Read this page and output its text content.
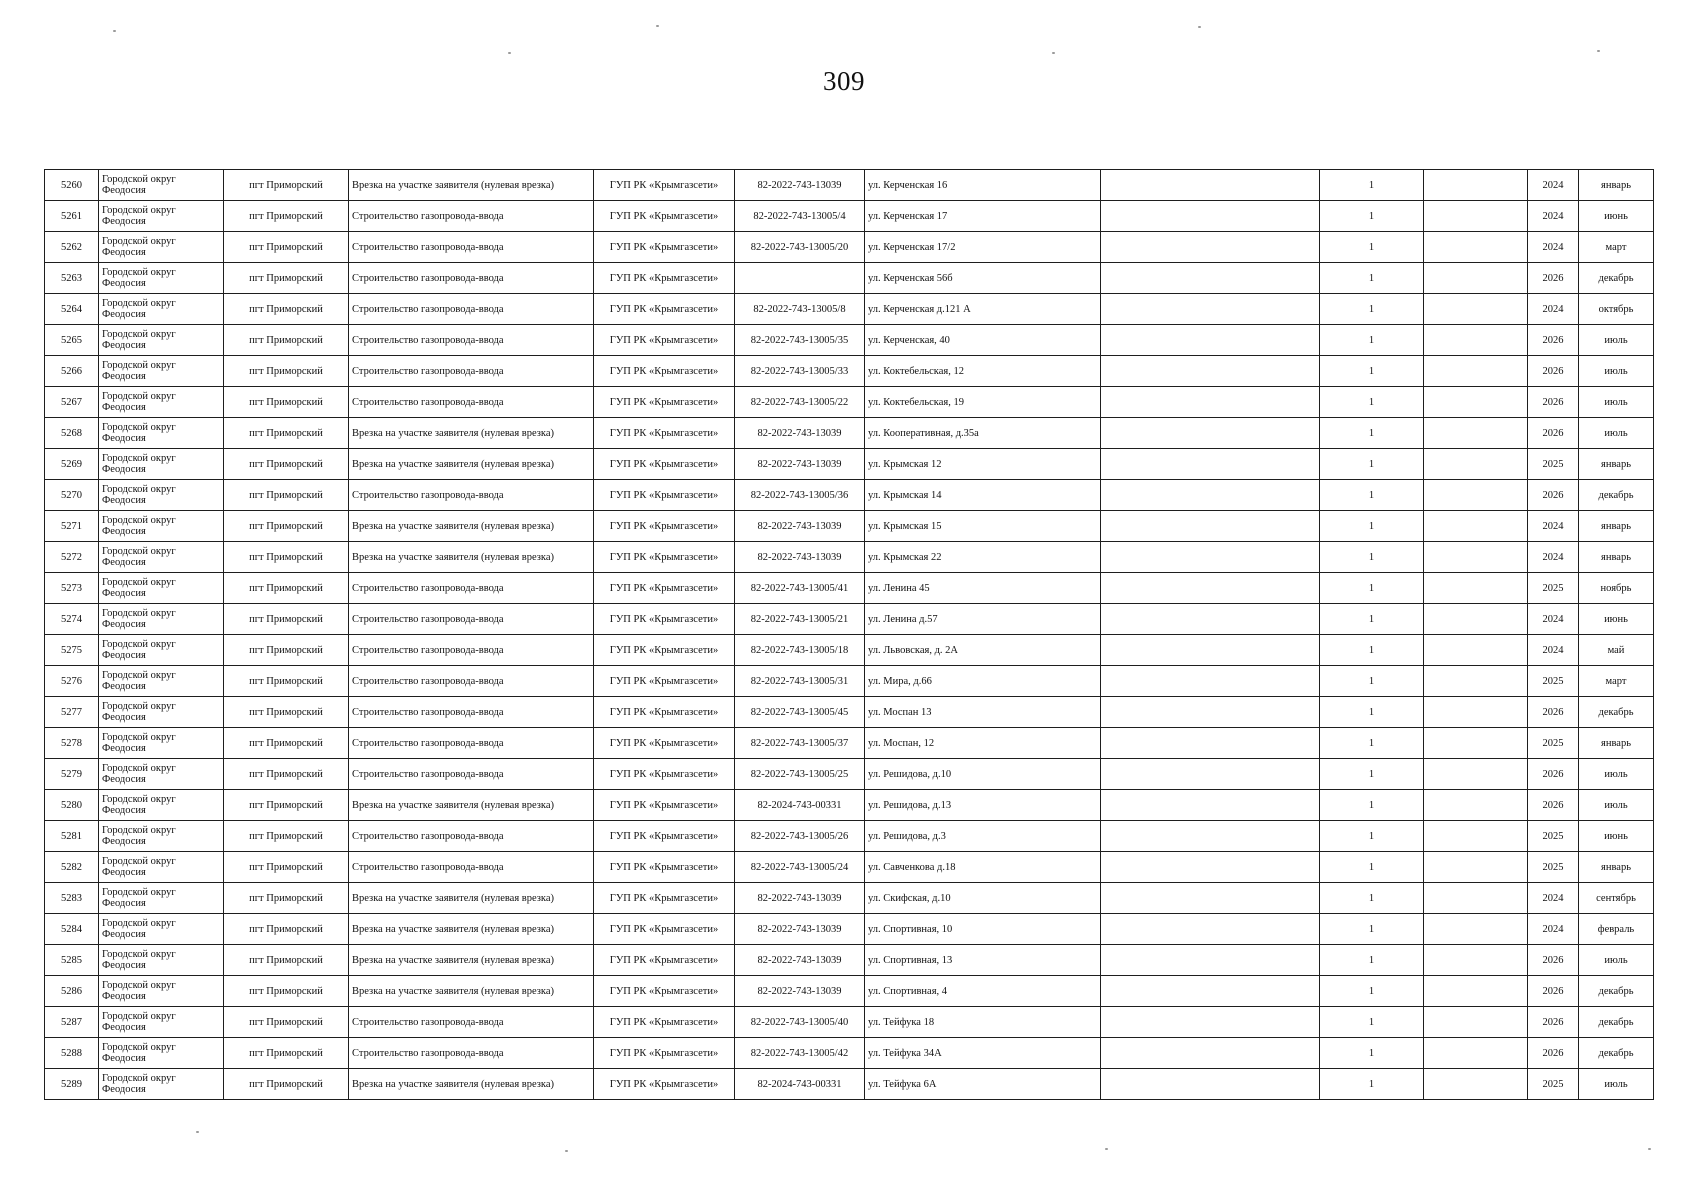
309
5260	Городской округ Феодосия	пгт Приморский	Врезка на участке заявителя (нулевая врезка)	ГУП РК «Крымгазсети»	82-2022-743-13039	ул. Керченская 16		1		2024	январь
5261	Городской округ Феодосия	пгт Приморский	Строительство газопровода-ввода	ГУП РК «Крымгазсети»	82-2022-743-13005/4	ул. Керченская 17		1		2024	июнь
5262	Городской округ Феодосия	пгт Приморский	Строительство газопровода-ввода	ГУП РК «Крымгазсети»	82-2022-743-13005/20	ул. Керченская 17/2		1		2024	март
5263	Городской округ Феодосия	пгт Приморский	Строительство газопровода-ввода	ГУП РК «Крымгазсети»		ул. Керченская 56б		1		2026	декабрь
5264	Городской округ Феодосия	пгт Приморский	Строительство газопровода-ввода	ГУП РК «Крымгазсети»	82-2022-743-13005/8	ул. Керченская д.121 А		1		2024	октябрь
5265	Городской округ Феодосия	пгт Приморский	Строительство газопровода-ввода	ГУП РК «Крымгазсети»	82-2022-743-13005/35	ул. Керченская, 40		1		2026	июль
5266	Городской округ Феодосия	пгт Приморский	Строительство газопровода-ввода	ГУП РК «Крымгазсети»	82-2022-743-13005/33	ул. Коктебельская, 12		1		2026	июль
5267	Городской округ Феодосия	пгт Приморский	Строительство газопровода-ввода	ГУП РК «Крымгазсети»	82-2022-743-13005/22	ул. Коктебельская, 19		1		2026	июль
5268	Городской округ Феодосия	пгт Приморский	Врезка на участке заявителя (нулевая врезка)	ГУП РК «Крымгазсети»	82-2022-743-13039	ул. Кооперативная, д.35а		1		2026	июль
5269	Городской округ Феодосия	пгт Приморский	Врезка на участке заявителя (нулевая врезка)	ГУП РК «Крымгазсети»	82-2022-743-13039	ул. Крымская 12		1		2025	январь
5270	Городской округ Феодосия	пгт Приморский	Строительство газопровода-ввода	ГУП РК «Крымгазсети»	82-2022-743-13005/36	ул. Крымская 14		1		2026	декабрь
5271	Городской округ Феодосия	пгт Приморский	Врезка на участке заявителя (нулевая врезка)	ГУП РК «Крымгазсети»	82-2022-743-13039	ул. Крымская 15		1		2024	январь
5272	Городской округ Феодосия	пгт Приморский	Врезка на участке заявителя (нулевая врезка)	ГУП РК «Крымгазсети»	82-2022-743-13039	ул. Крымская 22		1		2024	январь
5273	Городской округ Феодосия	пгт Приморский	Строительство газопровода-ввода	ГУП РК «Крымгазсети»	82-2022-743-13005/41	ул. Ленина 45		1		2025	ноябрь
5274	Городской округ Феодосия	пгт Приморский	Строительство газопровода-ввода	ГУП РК «Крымгазсети»	82-2022-743-13005/21	ул. Ленина д.57		1		2024	июнь
5275	Городской округ Феодосия	пгт Приморский	Строительство газопровода-ввода	ГУП РК «Крымгазсети»	82-2022-743-13005/18	ул. Львовская, д. 2А		1		2024	май
5276	Городской округ Феодосия	пгт Приморский	Строительство газопровода-ввода	ГУП РК «Крымгазсети»	82-2022-743-13005/31	ул. Мира, д.66		1		2025	март
5277	Городской округ Феодосия	пгт Приморский	Строительство газопровода-ввода	ГУП РК «Крымгазсети»	82-2022-743-13005/45	ул. Моспан 13		1		2026	декабрь
5278	Городской округ Феодосия	пгт Приморский	Строительство газопровода-ввода	ГУП РК «Крымгазсети»	82-2022-743-13005/37	ул. Моспан, 12		1		2025	январь
5279	Городской округ Феодосия	пгт Приморский	Строительство газопровода-ввода	ГУП РК «Крымгазсети»	82-2022-743-13005/25	ул. Решидова, д.10		1		2026	июль
5280	Городской округ Феодосия	пгт Приморский	Врезка на участке заявителя (нулевая врезка)	ГУП РК «Крымгазсети»	82-2024-743-00331	ул. Решидова, д.13		1		2026	июль
5281	Городской округ Феодосия	пгт Приморский	Строительство газопровода-ввода	ГУП РК «Крымгазсети»	82-2022-743-13005/26	ул. Решидова, д.3		1		2025	июнь
5282	Городской округ Феодосия	пгт Приморский	Строительство газопровода-ввода	ГУП РК «Крымгазсети»	82-2022-743-13005/24	ул. Савченкова д.18		1		2025	январь
5283	Городской округ Феодосия	пгт Приморский	Врезка на участке заявителя (нулевая врезка)	ГУП РК «Крымгазсети»	82-2022-743-13039	ул. Скифская, д.10		1		2024	сентябрь
5284	Городской округ Феодосия	пгт Приморский	Врезка на участке заявителя (нулевая врезка)	ГУП РК «Крымгазсети»	82-2022-743-13039	ул. Спортивная, 10		1		2024	февраль
5285	Городской округ Феодосия	пгт Приморский	Врезка на участке заявителя (нулевая врезка)	ГУП РК «Крымгазсети»	82-2022-743-13039	ул. Спортивная, 13		1		2026	июль
5286	Городской округ Феодосия	пгт Приморский	Врезка на участке заявителя (нулевая врезка)	ГУП РК «Крымгазсети»	82-2022-743-13039	ул. Спортивная, 4		1		2026	декабрь
5287	Городской округ Феодосия	пгт Приморский	Строительство газопровода-ввода	ГУП РК «Крымгазсети»	82-2022-743-13005/40	ул. Тейфука 18		1		2026	декабрь
5288	Городской округ Феодосия	пгт Приморский	Строительство газопровода-ввода	ГУП РК «Крымгазсети»	82-2022-743-13005/42	ул. Тейфука 34А		1		2026	декабрь
5289	Городской округ Феодосия	пгт Приморский	Врезка на участке заявителя (нулевая врезка)	ГУП РК «Крымгазсети»	82-2024-743-00331	ул. Тейфука 6А		1		2025	июль
